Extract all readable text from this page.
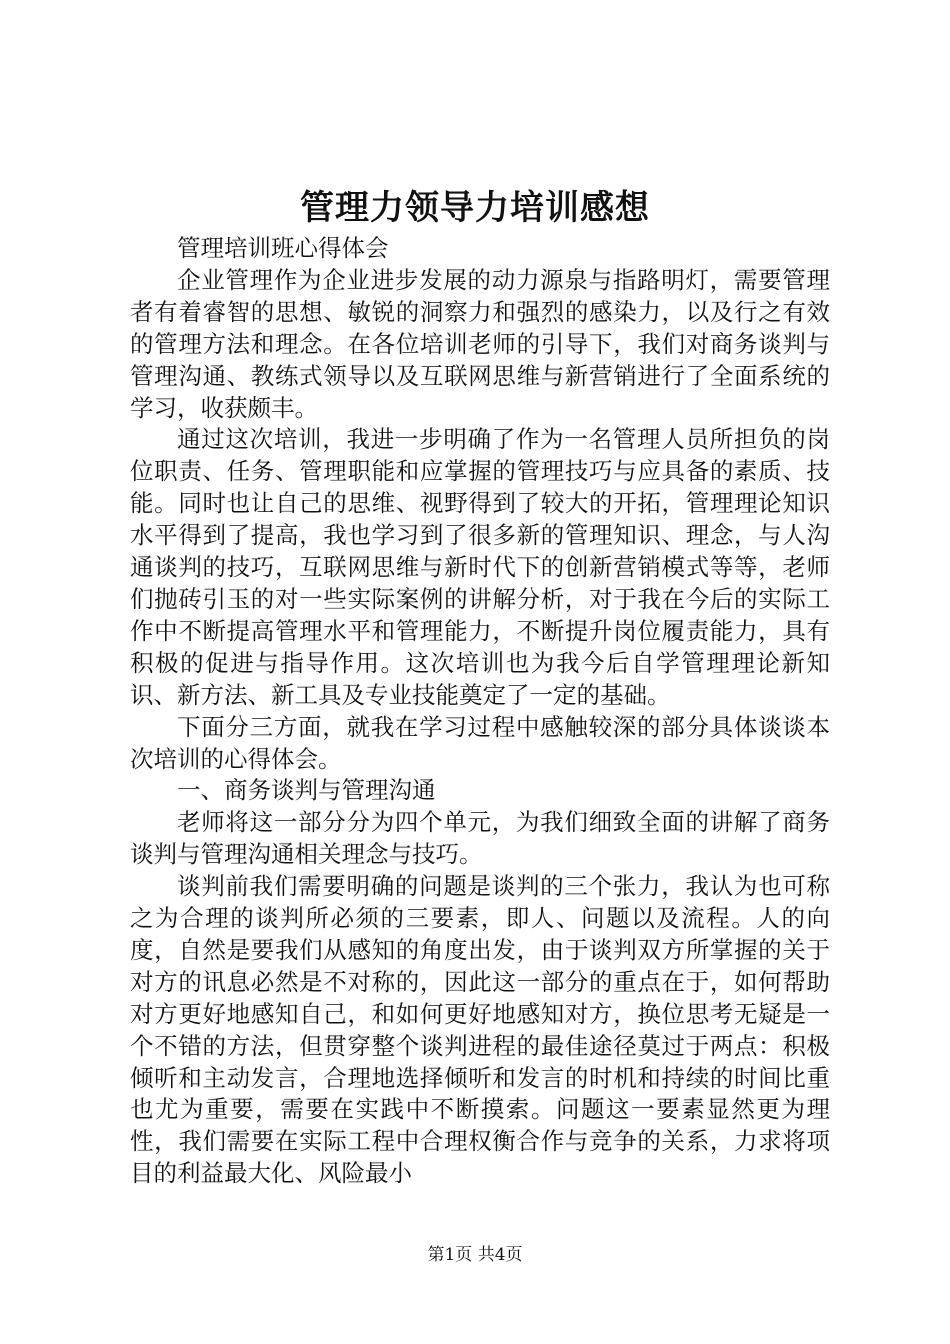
管理力领导力培训感想

管理培训班心得体会

企业管理作为企业进步发展的动力源泉与指路明灯，需要管理者有着睿智的思想、敏锐的洞察力和强烈的感染力，以及行之有效的管理方法和理念。在各位培训老师的引导下，我们对商务谈判与管理沟通、教练式领导以及互联网思维与新营销进行了全面系统的学习，收获颇丰。

通过这次培训，我进一步明确了作为一名管理人员所担负的岗位职责、任务、管理职能和应掌握的管理技巧与应具备的素质、技能。同时也让自己的思维、视野得到了较大的开拓，管理理论知识水平得到了提高，我也学习到了很多新的管理知识、理念，与人沟通谈判的技巧，互联网思维与新时代下的创新营销模式等等，老师们抛砖引玉的对一些实际案例的讲解分析，对于我在今后的实际工作中不断提高管理水平和管理能力，不断提升岗位履责能力，具有积极的促进与指导作用。这次培训也为我今后自学管理理论新知识、新方法、新工具及专业技能奠定了一定的基础。

下面分三方面，就我在学习过程中感触较深的部分具体谈谈本次培训的心得体会。

一、商务谈判与管理沟通

老师将这一部分分为四个单元，为我们细致全面的讲解了商务谈判与管理沟通相关理念与技巧。

谈判前我们需要明确的问题是谈判的三个张力，我认为也可称之为合理的谈判所必须的三要素，即人、问题以及流程。人的向度，自然是要我们从感知的角度出发，由于谈判双方所掌握的关于对方的讯息必然是不对称的，因此这一部分的重点在于，如何帮助对方更好地感知自己，和如何更好地感知对方，换位思考无疑是一个不错的方法，但贯穿整个谈判进程的最佳途径莫过于两点：积极倾听和主动发言，合理地选择倾听和发言的时机和持续的时间比重也尤为重要，需要在实践中不断摸索。问题这一要素显然更为理性，我们需要在实际工程中合理权衡合作与竞争的关系，力求将项目的利益最大化、风险最小

第1页 共4页
